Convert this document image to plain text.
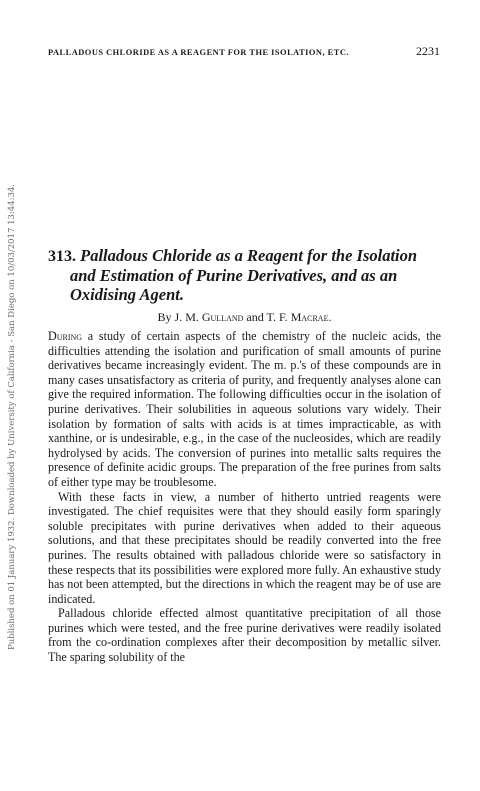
Published on 01 January 1932. Downloaded by University of California - San Diego on 10/03/2017 13:44:34.
PALLADOUS CHLORIDE AS A REAGENT FOR THE ISOLATION, ETC.	2231
313. Palladous Chloride as a Reagent for the Isolation and Estimation of Purine Derivatives, and as an Oxidising Agent.
By J. M. Gulland and T. F. Macrae.

During a study of certain aspects of the chemistry of the nucleic acids, the difficulties attending the isolation and purification of small amounts of purine derivatives became increasingly evident. The m. p.'s of these compounds are in many cases unsatisfactory as criteria of purity, and frequently analyses alone can give the required information. The following difficulties occur in the isolation of purine derivatives. Their solubilities in aqueous solutions vary widely. Their isolation by formation of salts with acids is at times impracticable, as with xanthine, or is undesirable, e.g., in the case of the nucleosides, which are readily hydrolysed by acids. The conversion of purines into metallic salts requires the presence of definite acidic groups. The preparation of the free purines from salts of either type may be troublesome.

With these facts in view, a number of hitherto untried reagents were investigated. The chief requisites were that they should easily form sparingly soluble precipitates with purine derivatives when added to their aqueous solutions, and that these precipitates should be readily converted into the free purines. The results obtained with palladous chloride were so satisfactory in these respects that its possibilities were explored more fully. An exhaustive study has not been attempted, but the directions in which the reagent may be of use are indicated.

Palladous chloride effected almost quantitative precipitation of all those purines which were tested, and the free purine derivatives were readily isolated from the co-ordination complexes after their decomposition by metallic silver. The sparing solubility of the
